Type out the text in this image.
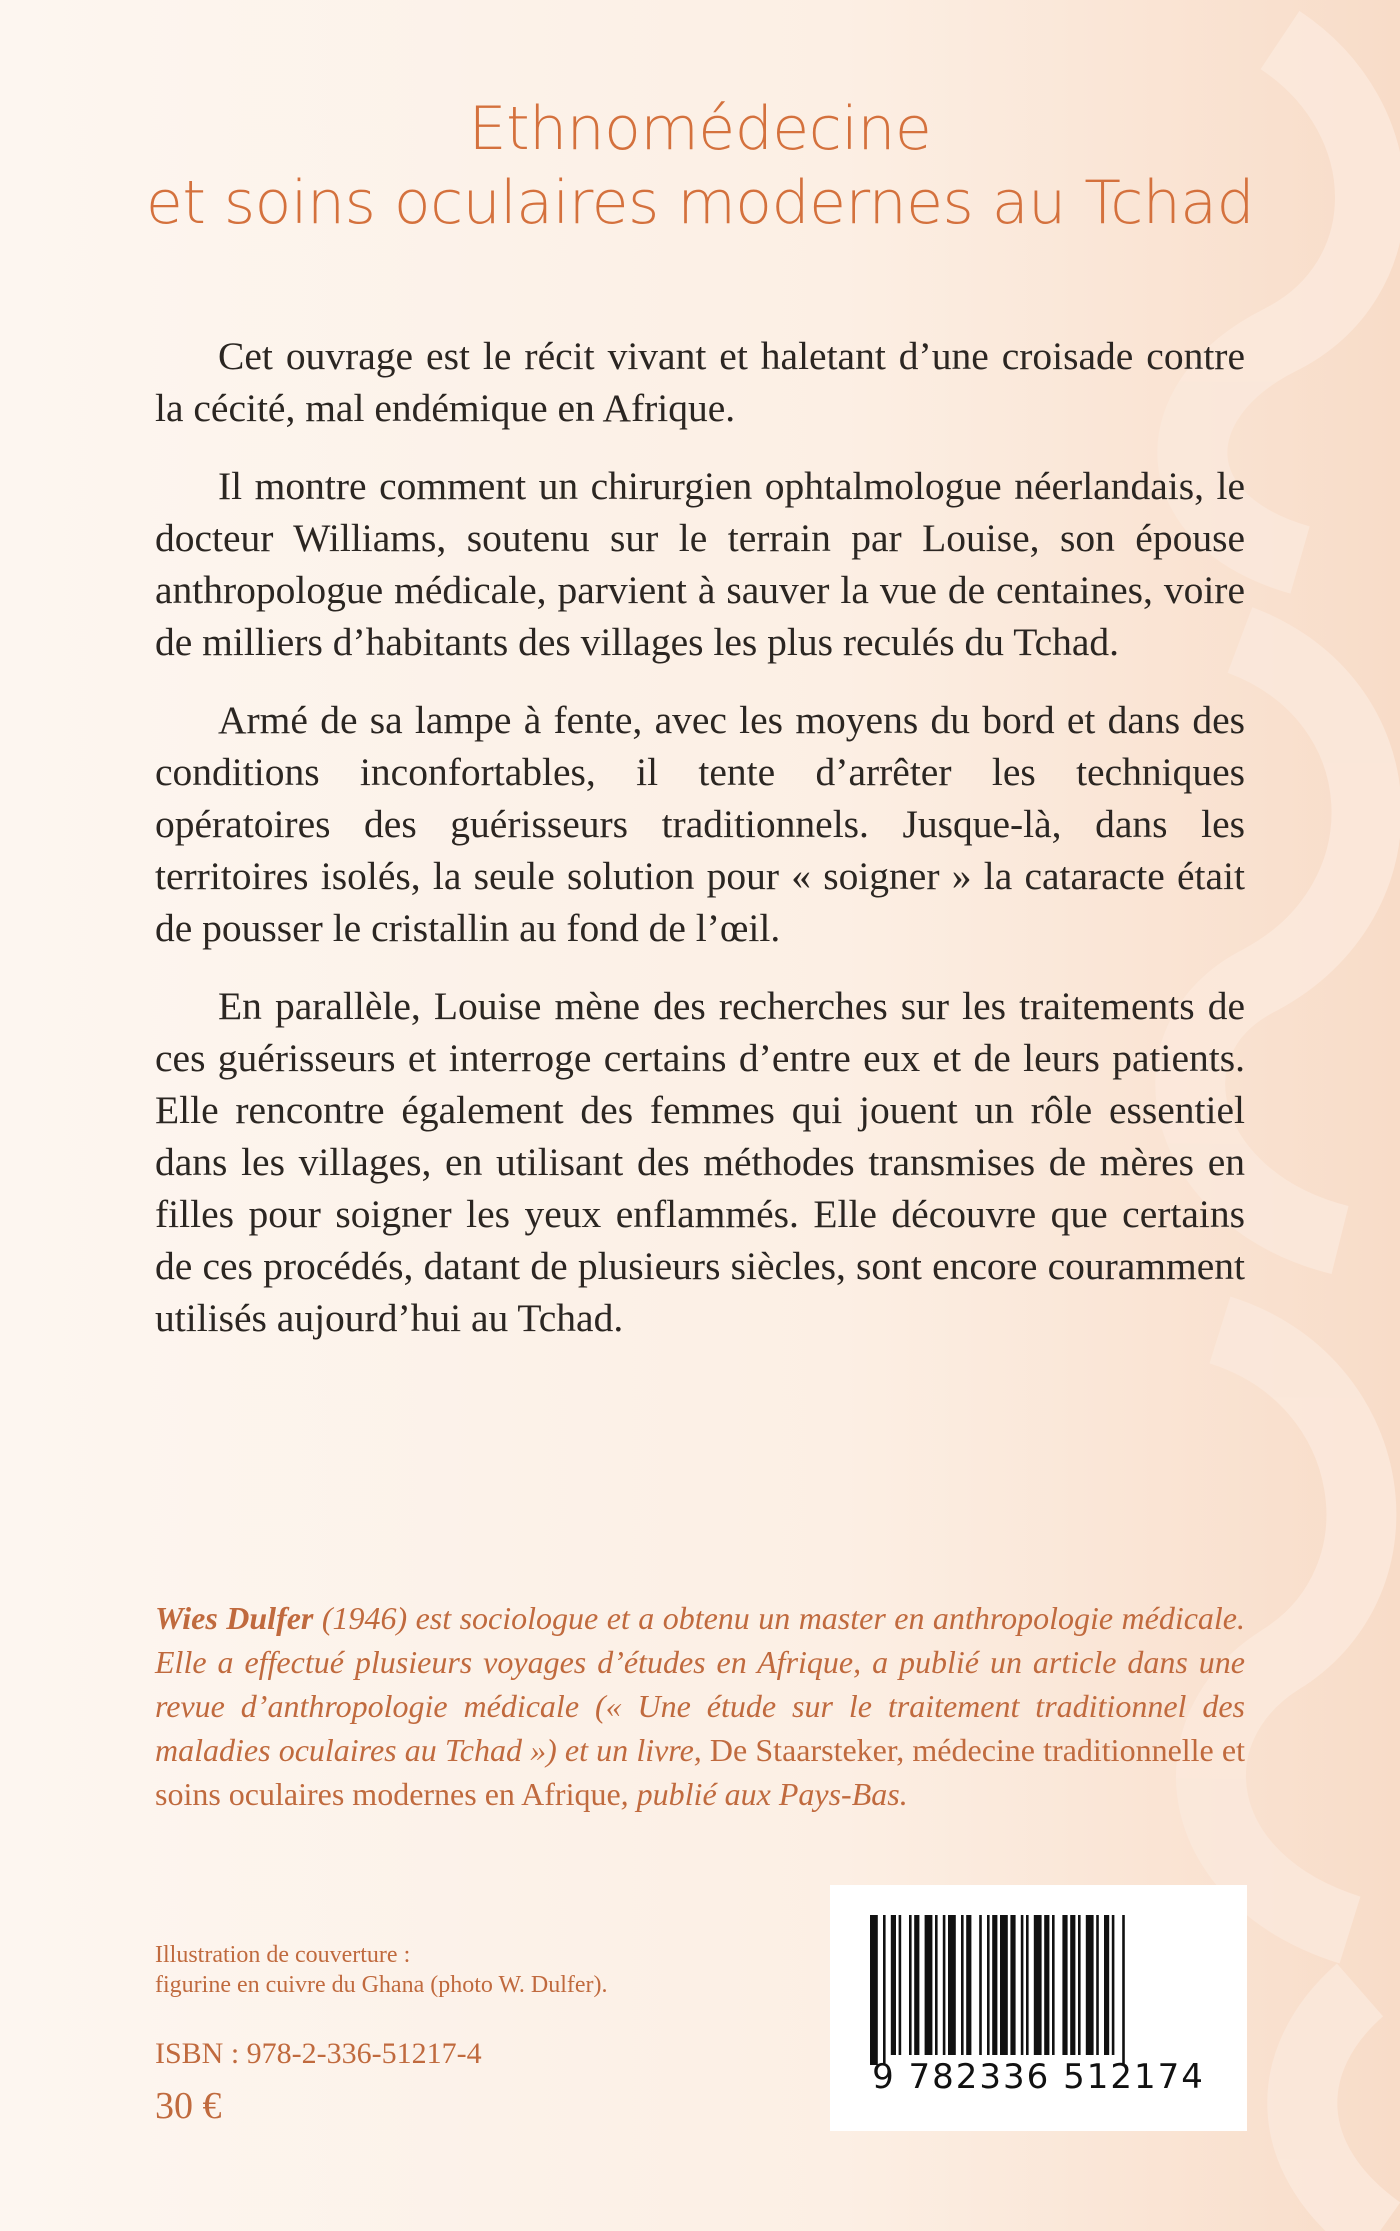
Ethnomédecine
et soins oculaires modernes au Tchad

Cet ouvrage est le récit vivant et haletant d’une croisade contre la cécité, mal endémique en Afrique.

Il montre comment un chirurgien ophtalmologue néerlandais, le docteur Williams, soutenu sur le terrain par Louise, son épouse anthropologue médicale, parvient à sauver la vue de centaines, voire de milliers d’habitants des villages les plus reculés du Tchad.

Armé de sa lampe à fente, avec les moyens du bord et dans des conditions inconfortables, il tente d’arrêter les techniques opératoires des guérisseurs traditionnels. Jusque-là, dans les territoires isolés, la seule solution pour « soigner » la cataracte était de pousser le cristallin au fond de l’œil.

En parallèle, Louise mène des recherches sur les traitements de ces guérisseurs et interroge certains d’entre eux et de leurs patients. Elle rencontre également des femmes qui jouent un rôle essentiel dans les villages, en utilisant des méthodes transmises de mères en filles pour soigner les yeux enflammés. Elle découvre que certains de ces procédés, datant de plusieurs siècles, sont encore couramment utilisés aujourd’hui au Tchad.

Wies Dulfer (1946) est sociologue et a obtenu un master en anthropologie médicale. Elle a effectué plusieurs voyages d’études en Afrique, a publié un article dans une revue d’anthropologie médicale (« Une étude sur le traitement traditionnel des maladies oculaires au Tchad ») et un livre, De Staarsteker, médecine traditionnelle et soins oculaires modernes en Afrique, publié aux Pays-Bas.
Illustration de couverture :
figurine en cuivre du Ghana (photo W. Dulfer).
ISBN : 978-2-336-51217-4
30 €
9 782336 512174
